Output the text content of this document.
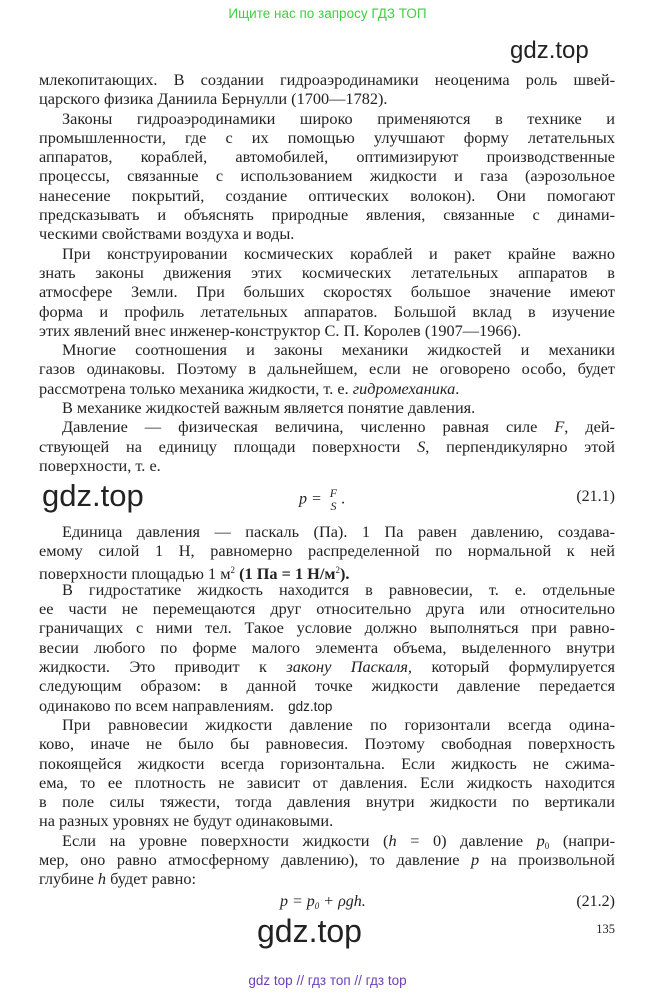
Ищите нас по запросу ГДЗ ТОП
gdz.top
млекопитающих. В создании гидроаэродинамики неоценима роль швей-
царского физика Даниила Бернулли (1700—1782).
Законы гидроаэродинамики широко применяются в технике и
промышленности, где с их помощью улучшают форму летательных
аппаратов, кораблей, автомобилей, оптимизируют производственные
процессы, связанные с использованием жидкости и газа (аэрозольное
нанесение покрытий, создание оптических волокон). Они помогают
предсказывать и объяснять природные явления, связанные с динами-
ческими свойствами воздуха и воды.
При конструировании космических кораблей и ракет крайне важно
знать законы движения этих космических летательных аппаратов в
атмосфере Земли. При больших скоростях большое значение имеют
форма и профиль летательных аппаратов. Большой вклад в изучение
этих явлений внес инженер-конструктор С. П. Королев (1907—1966).
Многие соотношения и законы механики жидкостей и механики
газов одинаковы. Поэтому в дальнейшем, если не оговорено особо, будет
рассмотрена только механика жидкости, т. е. гидромеханика.
В механике жидкостей важным является понятие давления.
Давление — физическая величина, численно равная силе F, дей-
ствующей на единицу площади поверхности S, перпендикулярно этой
поверхности, т. е.
gdz.top	p = F
S .	(21.1)
Единица давления — паскаль (Па). 1 Па равен давлению, создава-
емому силой 1 Н, равномерно распределенной по нормальной к ней
поверхности площадью 1 $м^2$ (1 Па = 1 $Н/м^2$).
В гидростатике жидкость находится в равновесии, т. е. отдельные
ее части не перемещаются друг относительно друга или относительно
граничащих с ними тел. Такое условие должно выполняться при равно-
весии любого по форме малого элемента объема, выделенного внутри
жидкости. Это приводит к закону Паскаля, который формулируется
следующим образом: в данной точке жидкости давление передается
одинаково по всем направлениям. gdz.top
При равновесии жидкости давление по горизонтали всегда одина-
ково, иначе не было бы равновесия. Поэтому свободная поверхность
покоящейся жидкости всегда горизонтальна. Если жидкость не сжима-
ема, то ее плотность не зависит от давления. Если жидкость находится
в поле силы тяжести, тогда давления внутри жидкости по вертикали
на разных уровнях не будут одинаковыми.
Если на уровне поверхности жидкости (h = 0) давление $p_0$ (напри-
мер, оно равно атмосферному давлению), то давление p на произвольной
глубине h будет равно:
$p = p_0 + \rho gh$.	(21.2)
gdz.top	135
gdz top // гдз топ // гдз top
